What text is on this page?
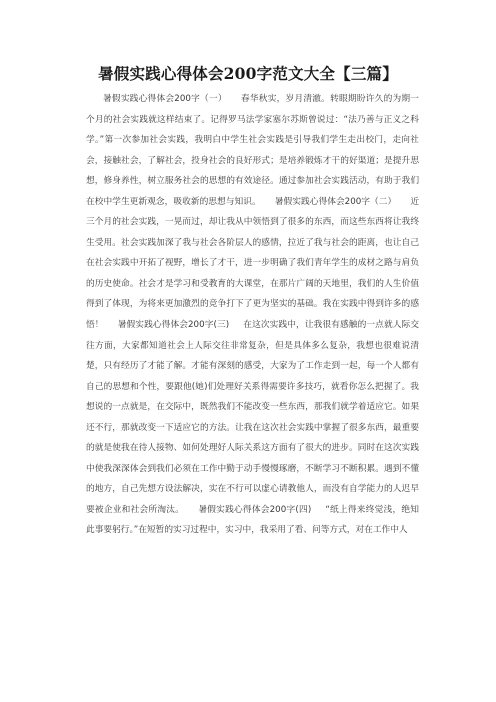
暑假实践心得体会200字范文大全【三篇】

暑假实践心得体会200字（一） 春华秋实，岁月清澈。转眼期盼许久的为期一个月的社会实践就这样结束了。记得罗马法学家塞尔苏斯曾说过：“法乃善与正义之科学。”第一次参加社会实践，我明白中学生社会实践是引导我们学生走出校门，走向社会，接触社会，了解社会，投身社会的良好形式；是培养锻炼才干的好渠道；是提升思想，修身养性，树立服务社会的思想的有效途径。通过参加社会实践活动，有助于我们在校中学生更新观念，吸收新的思想与知识。 暑假实践心得体会200字（二） 近三个月的社会实践，一晃而过，却让我从中领悟到了很多的东西，而这些东西将让我终生受用。社会实践加深了我与社会各阶层人的感情，拉近了我与社会的距离，也让自己在社会实践中开拓了视野，增长了才干，进一步明确了我们青年学生的成材之路与肩负的历史使命。社会才是学习和受教育的大课堂，在那片广阔的天地里，我们的人生价值得到了体现，为将来更加激烈的竞争打下了更为坚实的基础。我在实践中得到许多的感悟！ 暑假实践心得体会200字(三) 在这次实践中，让我很有感触的一点就人际交往方面，大家都知道社会上人际交往非常复杂，但是具体多么复杂，我想也很难说清楚，只有经历了才能了解。才能有深刻的感受，大家为了工作走到一起，每一个人都有自己的思想和个性，要跟他(她)们处理好关系得需要许多技巧，就看你怎么把握了。我想说的一点就是，在交际中，既然我们不能改变一些东西，那我们就学着适应它。如果还不行，那就改变一下适应它的方法。让我在这次社会实践中掌握了很多东西，最重要的就是使我在待人接物、如何处理好人际关系这方面有了很大的进步。同时在这次实践中使我深深体会到我们必须在工作中勤于动手慢慢琢磨，不断学习不断积累。遇到不懂的地方，自己先想方设法解决，实在不行可以虚心请教他人，而没有自学能力的人迟早要被企业和社会所淘汰。 暑假实践心得体会200字(四) “纸上得来终觉浅，绝知此事要躬行。”在短暂的实习过程中，实习中，我采用了看、问等方式，对在工作中人
